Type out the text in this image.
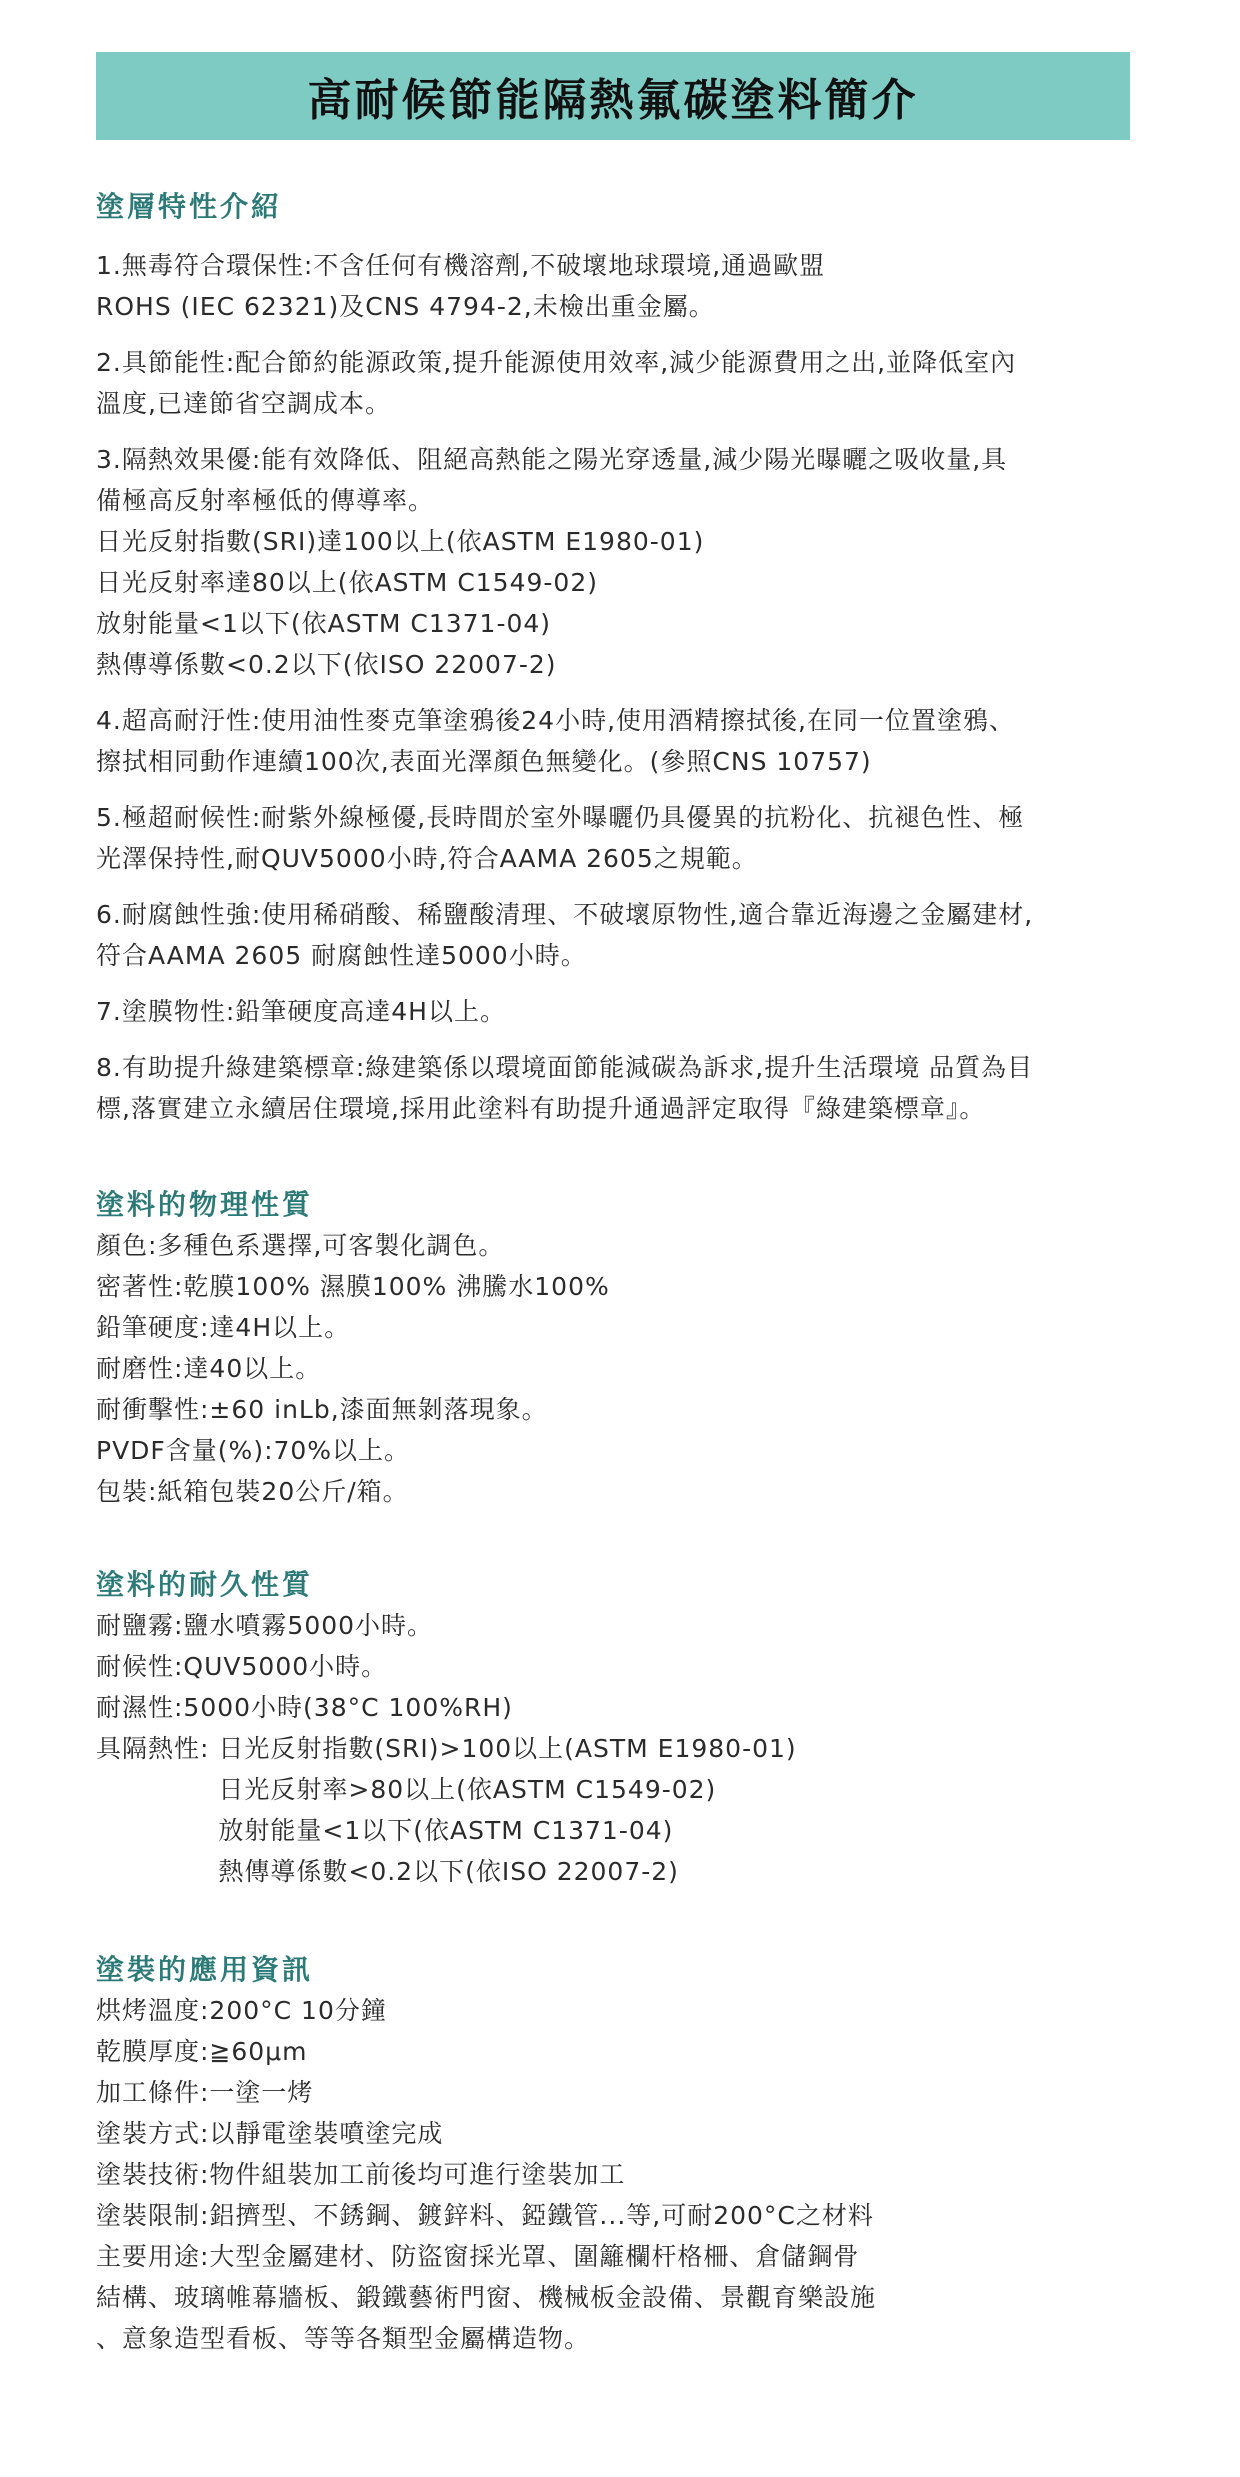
高耐候節能隔熱氟碳塗料簡介
塗層特性介紹
1.無毒符合環保性:不含任何有機溶劑,不破壞地球環境,通過歐盟
ROHS (IEC 62321)及CNS 4794-2,未檢出重金屬。
2.具節能性:配合節約能源政策,提升能源使用效率,減少能源費用之出,並降低室內
溫度,已達節省空調成本。
3.隔熱效果優:能有效降低、阻絕高熱能之陽光穿透量,減少陽光曝曬之吸收量,具
備極高反射率極低的傳導率。
日光反射指數(SRI)達100以上(依ASTM E1980-01)
日光反射率達80以上(依ASTM C1549-02)
放射能量<1以下(依ASTM C1371-04)
熱傳導係數<0.2以下(依ISO 22007-2)
4.超高耐汙性:使用油性麥克筆塗鴉後24小時,使用酒精擦拭後,在同一位置塗鴉、
擦拭相同動作連續100次,表面光澤顏色無變化。(參照CNS 10757)
5.極超耐候性:耐紫外線極優,長時間於室外曝曬仍具優異的抗粉化、抗褪色性、極
光澤保持性,耐QUV5000小時,符合AAMA 2605之規範。
6.耐腐蝕性強:使用稀硝酸、稀鹽酸清理、不破壞原物性,適合靠近海邊之金屬建材,
符合AAMA 2605 耐腐蝕性達5000小時。
7.塗膜物性:鉛筆硬度高達4H以上。
8.有助提升綠建築標章:綠建築係以環境面節能減碳為訴求,提升生活環境 品質為目
標,落實建立永續居住環境,採用此塗料有助提升通過評定取得『綠建築標章』。
塗料的物理性質
顏色:多種色系選擇,可客製化調色。
密著性:乾膜100% 濕膜100% 沸騰水100%
鉛筆硬度:達4H以上。
耐磨性:達40以上。
耐衝擊性:±60 inLb,漆面無剝落現象。
PVDF含量(%):70%以上。
包裝:紙箱包裝20公斤/箱。
塗料的耐久性質
耐鹽霧:鹽水噴霧5000小時。
耐候性:QUV5000小時。
耐濕性:5000小時(38°C 100%RH)
具隔熱性: 日光反射指數(SRI)>100以上(ASTM E1980-01)
日光反射率>80以上(依ASTM C1549-02)
放射能量<1以下(依ASTM C1371-04)
熱傳導係數<0.2以下(依ISO 22007-2)
塗裝的應用資訊
烘烤溫度:200°C 10分鐘
乾膜厚度:≧60μm
加工條件:一塗一烤
塗裝方式:以靜電塗裝噴塗完成
塗裝技術:物件組裝加工前後均可進行塗裝加工
塗裝限制:鋁擠型、不銹鋼、鍍鋅料、錏鐵管...等,可耐200°C之材料
主要用途:大型金屬建材、防盜窗採光罩、圍籬欄杆格柵、倉儲鋼骨
結構、玻璃帷幕牆板、鍛鐵藝術門窗、機械板金設備、景觀育樂設施
、意象造型看板、等等各類型金屬構造物。
